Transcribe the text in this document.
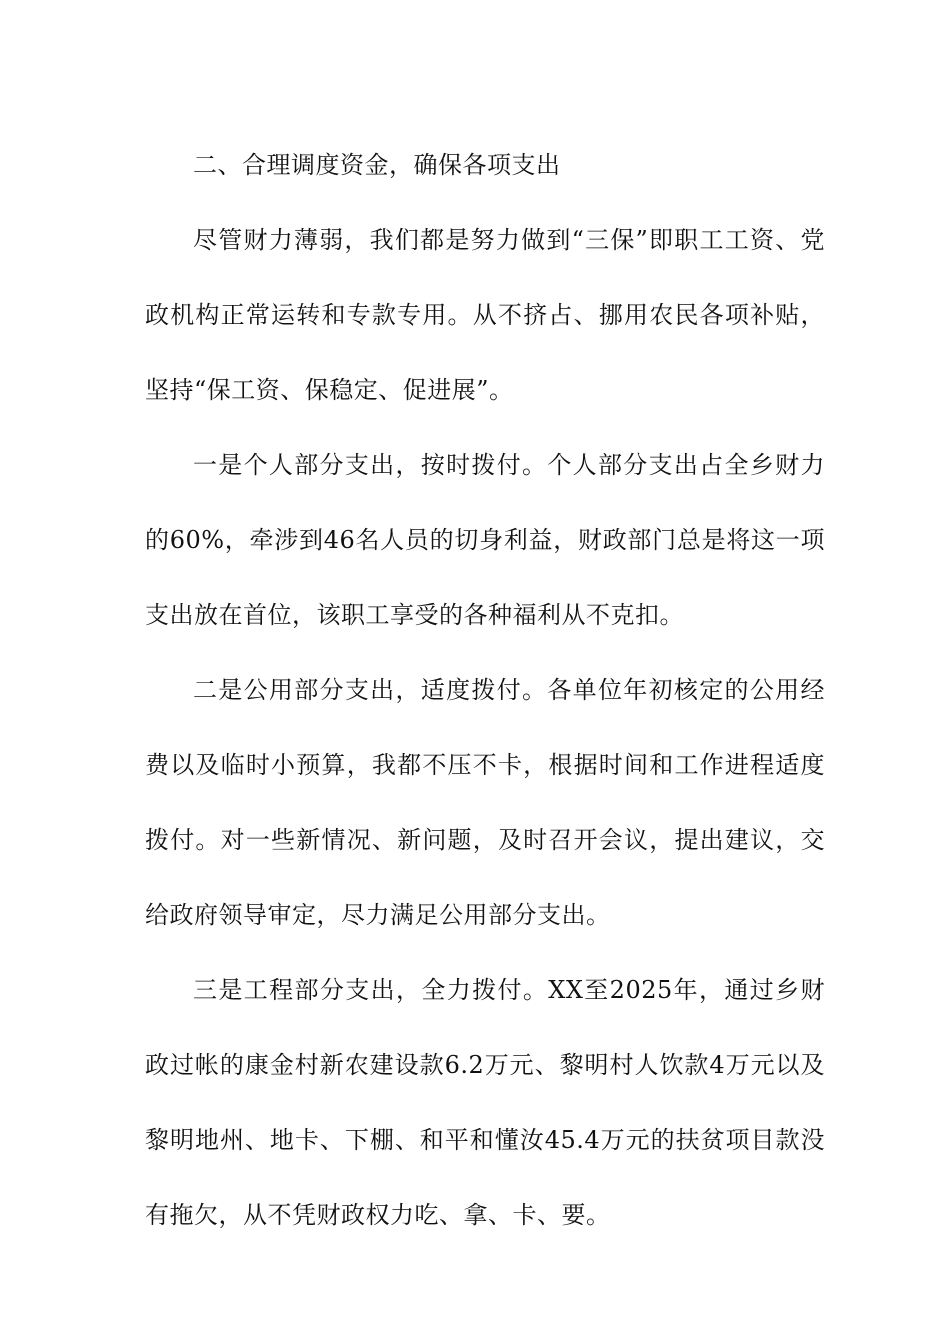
二、合理调度资金，确保各项支出

尽管财力薄弱，我们都是努力做到“三保”即职工工资、党政机构正常运转和专款专用。从不挤占、挪用农民各项补贴，坚持“保工资、保稳定、促进展”。

一是个人部分支出，按时拨付。个人部分支出占全乡财力的60%，牵涉到46名人员的切身利益，财政部门总是将这一项支出放在首位，该职工享受的各种福利从不克扣。

二是公用部分支出，适度拨付。各单位年初核定的公用经费以及临时小预算，我都不压不卡，根据时间和工作进程适度拨付。对一些新情况、新问题，及时召开会议，提出建议，交给政府领导审定，尽力满足公用部分支出。

三是工程部分支出，全力拨付。XX至2025年，通过乡财政过帐的康金村新农建设款6.2万元、黎明村人饮款4万元以及黎明地州、地卡、下棚、和平和懂汝45.4万元的扶贫项目款没有拖欠，从不凭财政权力吃、拿、卡、要。
